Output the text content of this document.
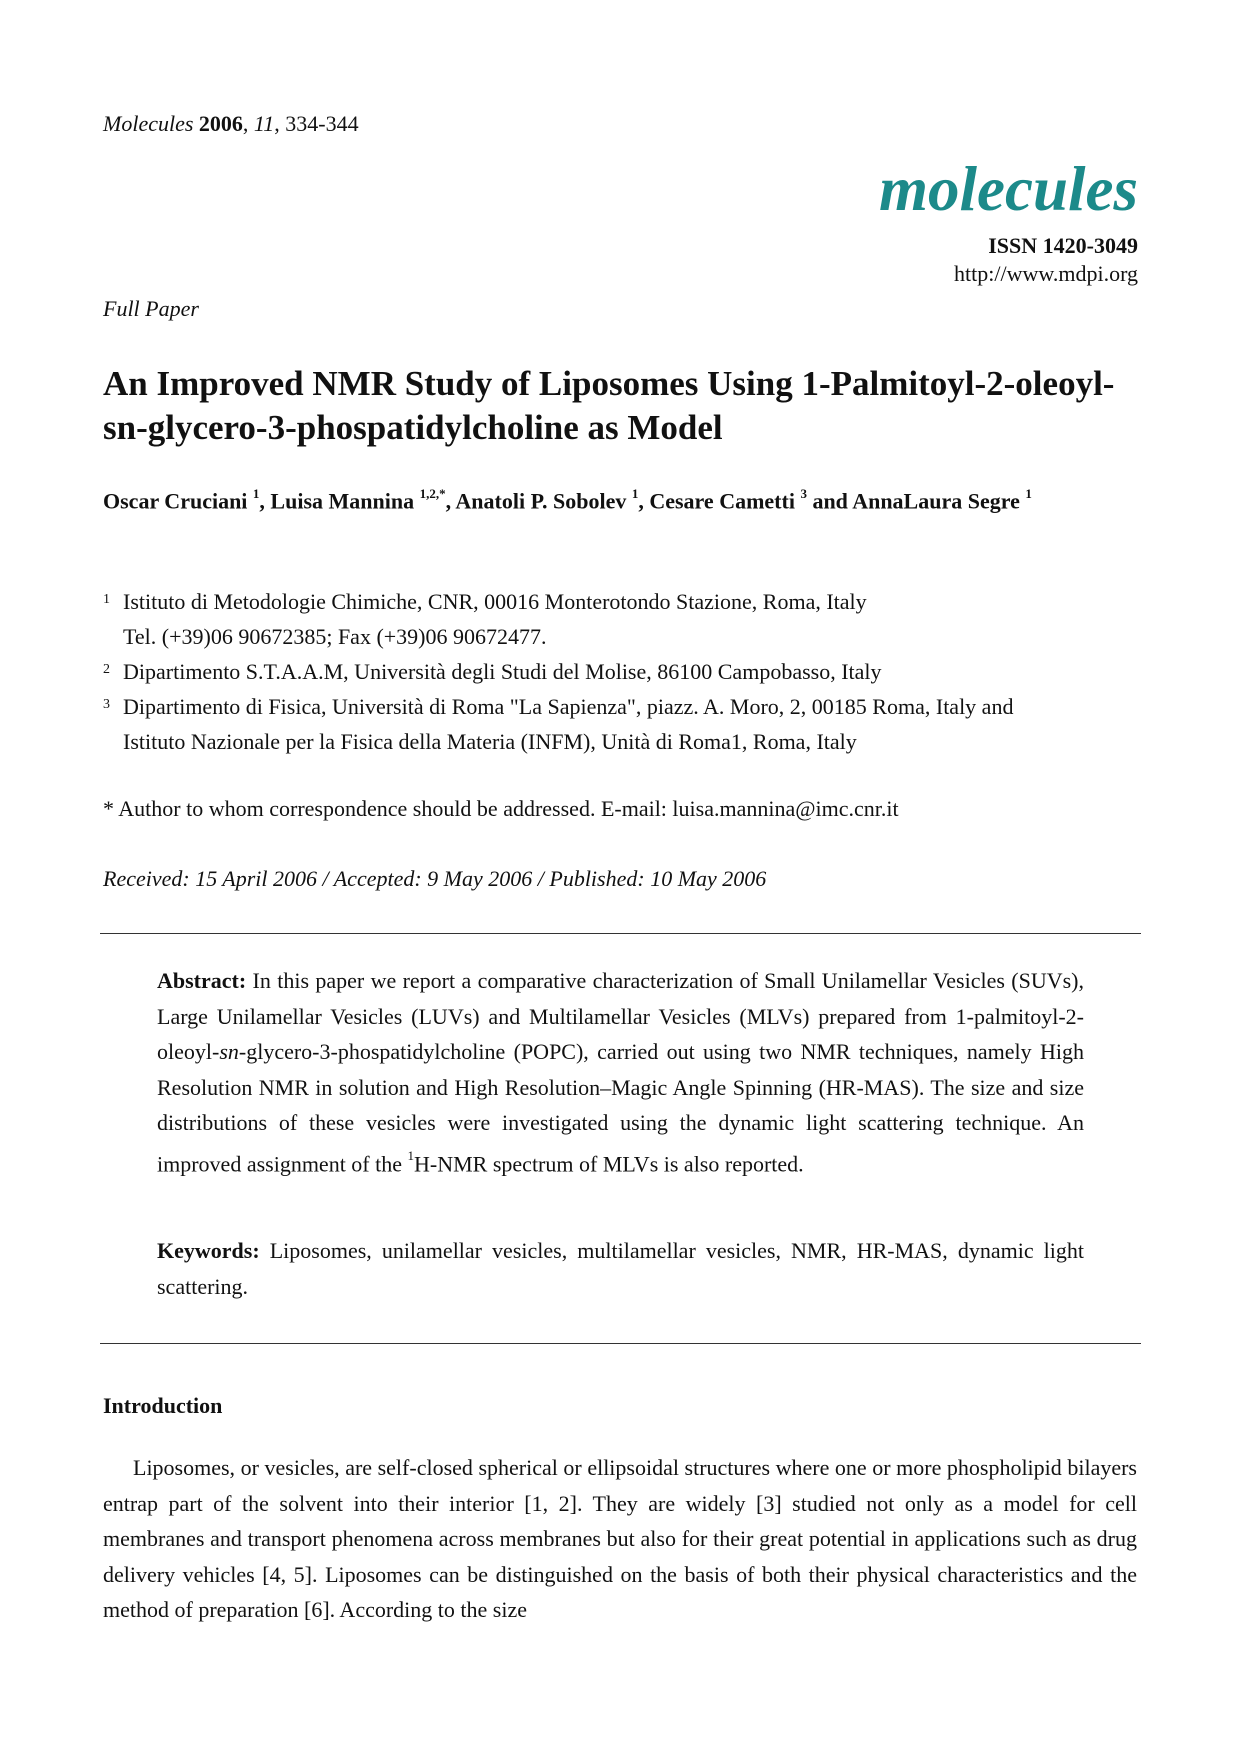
Molecules 2006, 11, 334-344
molecules
ISSN 1420-3049
http://www.mdpi.org
Full Paper
An Improved NMR Study of Liposomes Using 1-Palmitoyl-2-oleoyl-sn-glycero-3-phospatidylcholine as Model
Oscar Cruciani $^1$, Luisa Mannina $^{1,2,*}$, Anatoli P. Sobolev $^1$, Cesare Cametti $^3$ and AnnaLaura Segre $^1$
1 Istituto di Metodologie Chimiche, CNR, 00016 Monterotondo Stazione, Roma, Italy
Tel. (+39)06 90672385; Fax (+39)06 90672477.
2 Dipartimento S.T.A.A.M, Università degli Studi del Molise, 86100 Campobasso, Italy
3 Dipartimento di Fisica, Università di Roma "La Sapienza", piazz. A. Moro, 2, 00185 Roma, Italy and
Istituto Nazionale per la Fisica della Materia (INFM), Unità di Roma1, Roma, Italy
* Author to whom correspondence should be addressed. E-mail: luisa.mannina@imc.cnr.it
Received: 15 April 2006 / Accepted: 9 May 2006 / Published: 10 May 2006
Abstract: In this paper we report a comparative characterization of Small Unilamellar Vesicles (SUVs), Large Unilamellar Vesicles (LUVs) and Multilamellar Vesicles (MLVs) prepared from 1-palmitoyl-2-oleoyl-sn-glycero-3-phospatidylcholine (POPC), carried out using two NMR techniques, namely High Resolution NMR in solution and High Resolution–Magic Angle Spinning (HR-MAS). The size and size distributions of these vesicles were investigated using the dynamic light scattering technique. An improved assignment of the $^1$H-NMR spectrum of MLVs is also reported.
Keywords: Liposomes, unilamellar vesicles, multilamellar vesicles, NMR, HR-MAS, dynamic light scattering.
Introduction
Liposomes, or vesicles, are self-closed spherical or ellipsoidal structures where one or more phospholipid bilayers entrap part of the solvent into their interior [1, 2]. They are widely [3] studied not only as a model for cell membranes and transport phenomena across membranes but also for their great potential in applications such as drug delivery vehicles [4, 5]. Liposomes can be distinguished on the basis of both their physical characteristics and the method of preparation [6]. According to the size
